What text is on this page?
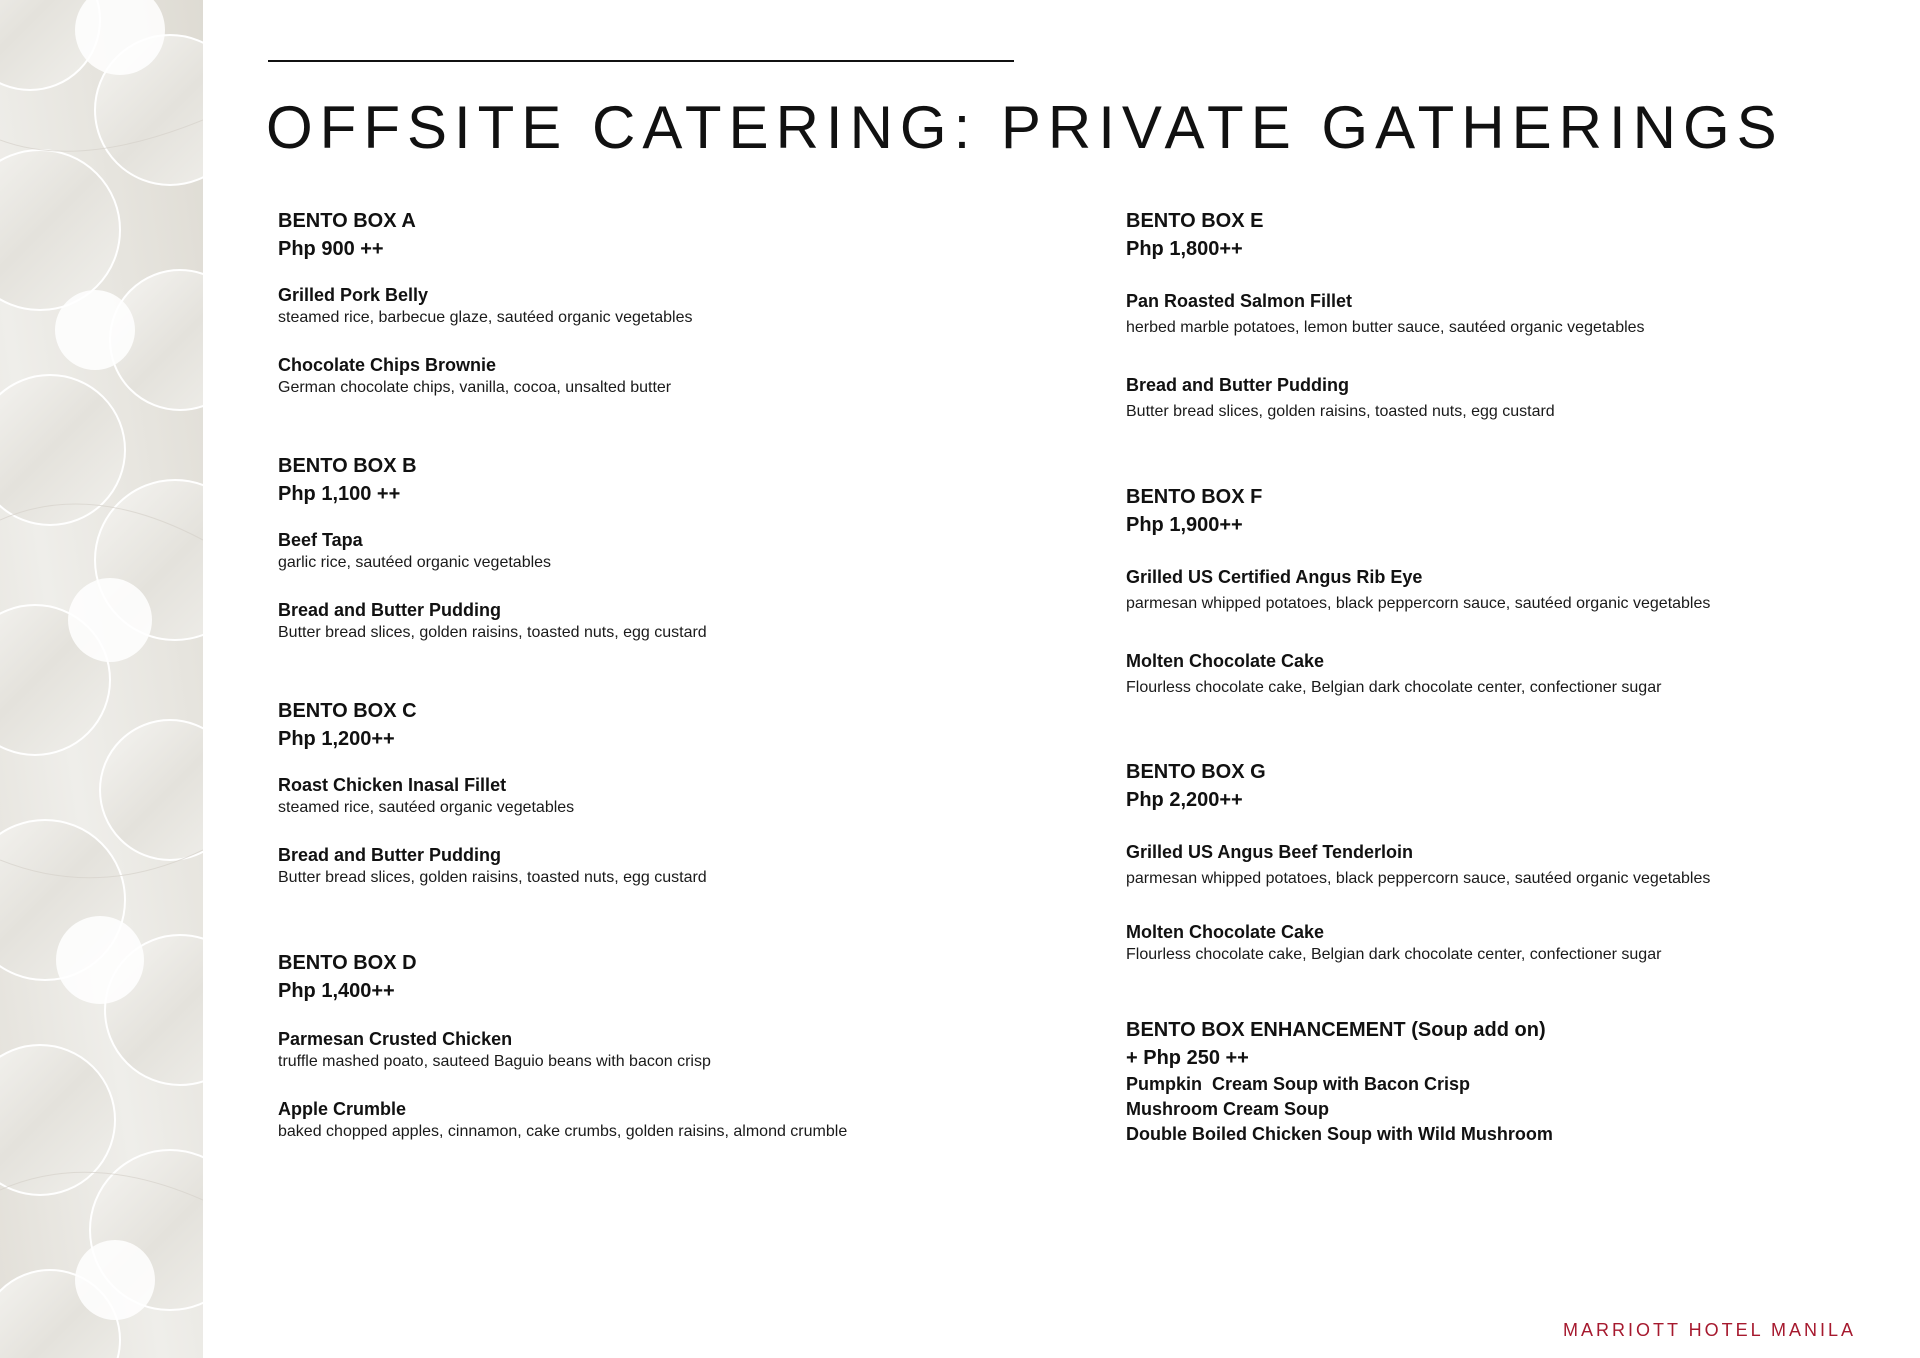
OFFSITE CATERING: PRIVATE GATHERINGS

BENTO BOX A

Php 900 ++

Grilled Pork Belly

steamed rice, barbecue glaze, sautéed organic vegetables

Chocolate Chips Brownie

German chocolate chips, vanilla, cocoa, unsalted butter

BENTO BOX B

Php 1,100 ++

Beef Tapa

garlic rice, sautéed organic vegetables

Bread and Butter Pudding

Butter bread slices, golden raisins, toasted nuts, egg custard

BENTO BOX C

Php 1,200++

Roast Chicken Inasal Fillet

steamed rice, sautéed organic vegetables

Bread and Butter Pudding

Butter bread slices, golden raisins, toasted nuts, egg custard

BENTO BOX D

Php 1,400++

Parmesan Crusted Chicken

truffle mashed poato, sauteed Baguio beans with bacon crisp

Apple Crumble

baked chopped apples, cinnamon, cake crumbs, golden raisins, almond crumble

BENTO BOX E

Php 1,800++

Pan Roasted Salmon Fillet

herbed marble potatoes, lemon butter sauce, sautéed organic vegetables

Bread and Butter Pudding

Butter bread slices, golden raisins, toasted nuts, egg custard

BENTO BOX F

Php 1,900++

Grilled US Certified Angus Rib Eye

parmesan whipped potatoes, black peppercorn sauce, sautéed organic vegetables

Molten Chocolate Cake

Flourless chocolate cake, Belgian dark chocolate center, confectioner sugar

BENTO BOX G

Php 2,200++

Grilled US Angus Beef Tenderloin

parmesan whipped potatoes, black peppercorn sauce, sautéed organic vegetables

Molten Chocolate Cake

Flourless chocolate cake, Belgian dark chocolate center, confectioner sugar

BENTO BOX ENHANCEMENT (Soup add on)

+ Php 250 ++

Pumpkin  Cream Soup with Bacon Crisp

Mushroom Cream Soup

Double Boiled Chicken Soup with Wild Mushroom

MARRIOTT HOTEL MANILA
